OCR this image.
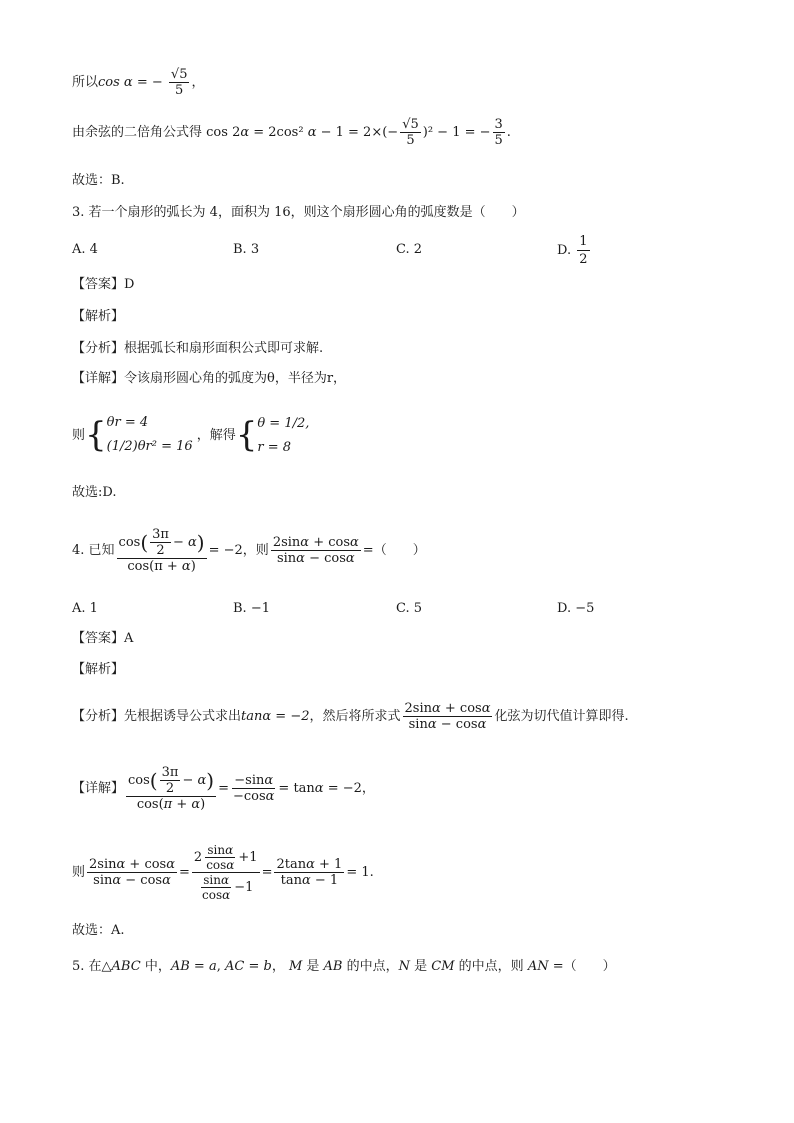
所以cos α = − $\frac{√5}{5}$ ，
由余弦的二倍角公式得 cos 2α = 2cos² $\alpha - 1 = 2\times(- \frac{√5}{5} )^2 - 1$ = − $\frac{3}{5}$ .
故选：B.
3. 若一个扇形的弧长为 4，面积为 16，则这个扇形圆心角的弧度数是（　　）
A. 4	B. 3	C. 2	D. $\frac{1}{2}$
【答案】D
【解析】
【分析】根据弧长和扇形面积公式即可求解.
【详解】令该扇形圆心角的弧度为θ，半径为r，
则 { θr = 4
(1/2)θr² = 16
，解得 { θ = 1/2,
r = 8
故选:D.
4. 已知 $\frac{\cos( \frac{3\pi}{2} - \alpha)}{\cos(\pi + \alpha)} = -2$ ，则 $\frac{2\sin\alpha + \cos\alpha}{\sin\alpha - \cos\alpha}$ =（　　）
A. 1	B. −1	C. 5	D. −5
【答案】A
【解析】
【分析】 先根据诱导公式求出 tanα = −2 ，然后将所求式 $\frac{2\sin\alpha + \cos\alpha}{\sin\alpha - \cos\alpha}$ 化弦为切代值计算即得.
【详解】 $\frac{\cos( \frac{3\pi}{2} - \alpha)}{\cos(\pi + \alpha)} = \frac{-\sin\alpha}{-\cos\alpha} = \tan\alpha = -2$，
则 $\frac{2\sin\alpha + \cos\alpha}{\sin\alpha - \cos\alpha} = \frac{2 \frac{\sin\alpha}{\cos\alpha} +1}{\frac{\sin\alpha}{\cos\alpha} -1} = \frac{2\tan\alpha + 1}{\tan\alpha - 1} = 1$.
故选：A.
5. 在△ABC 中，AB = a, AC = b， M 是 AB 的中点，N 是 CM 的中点，则 AN =（　　）
